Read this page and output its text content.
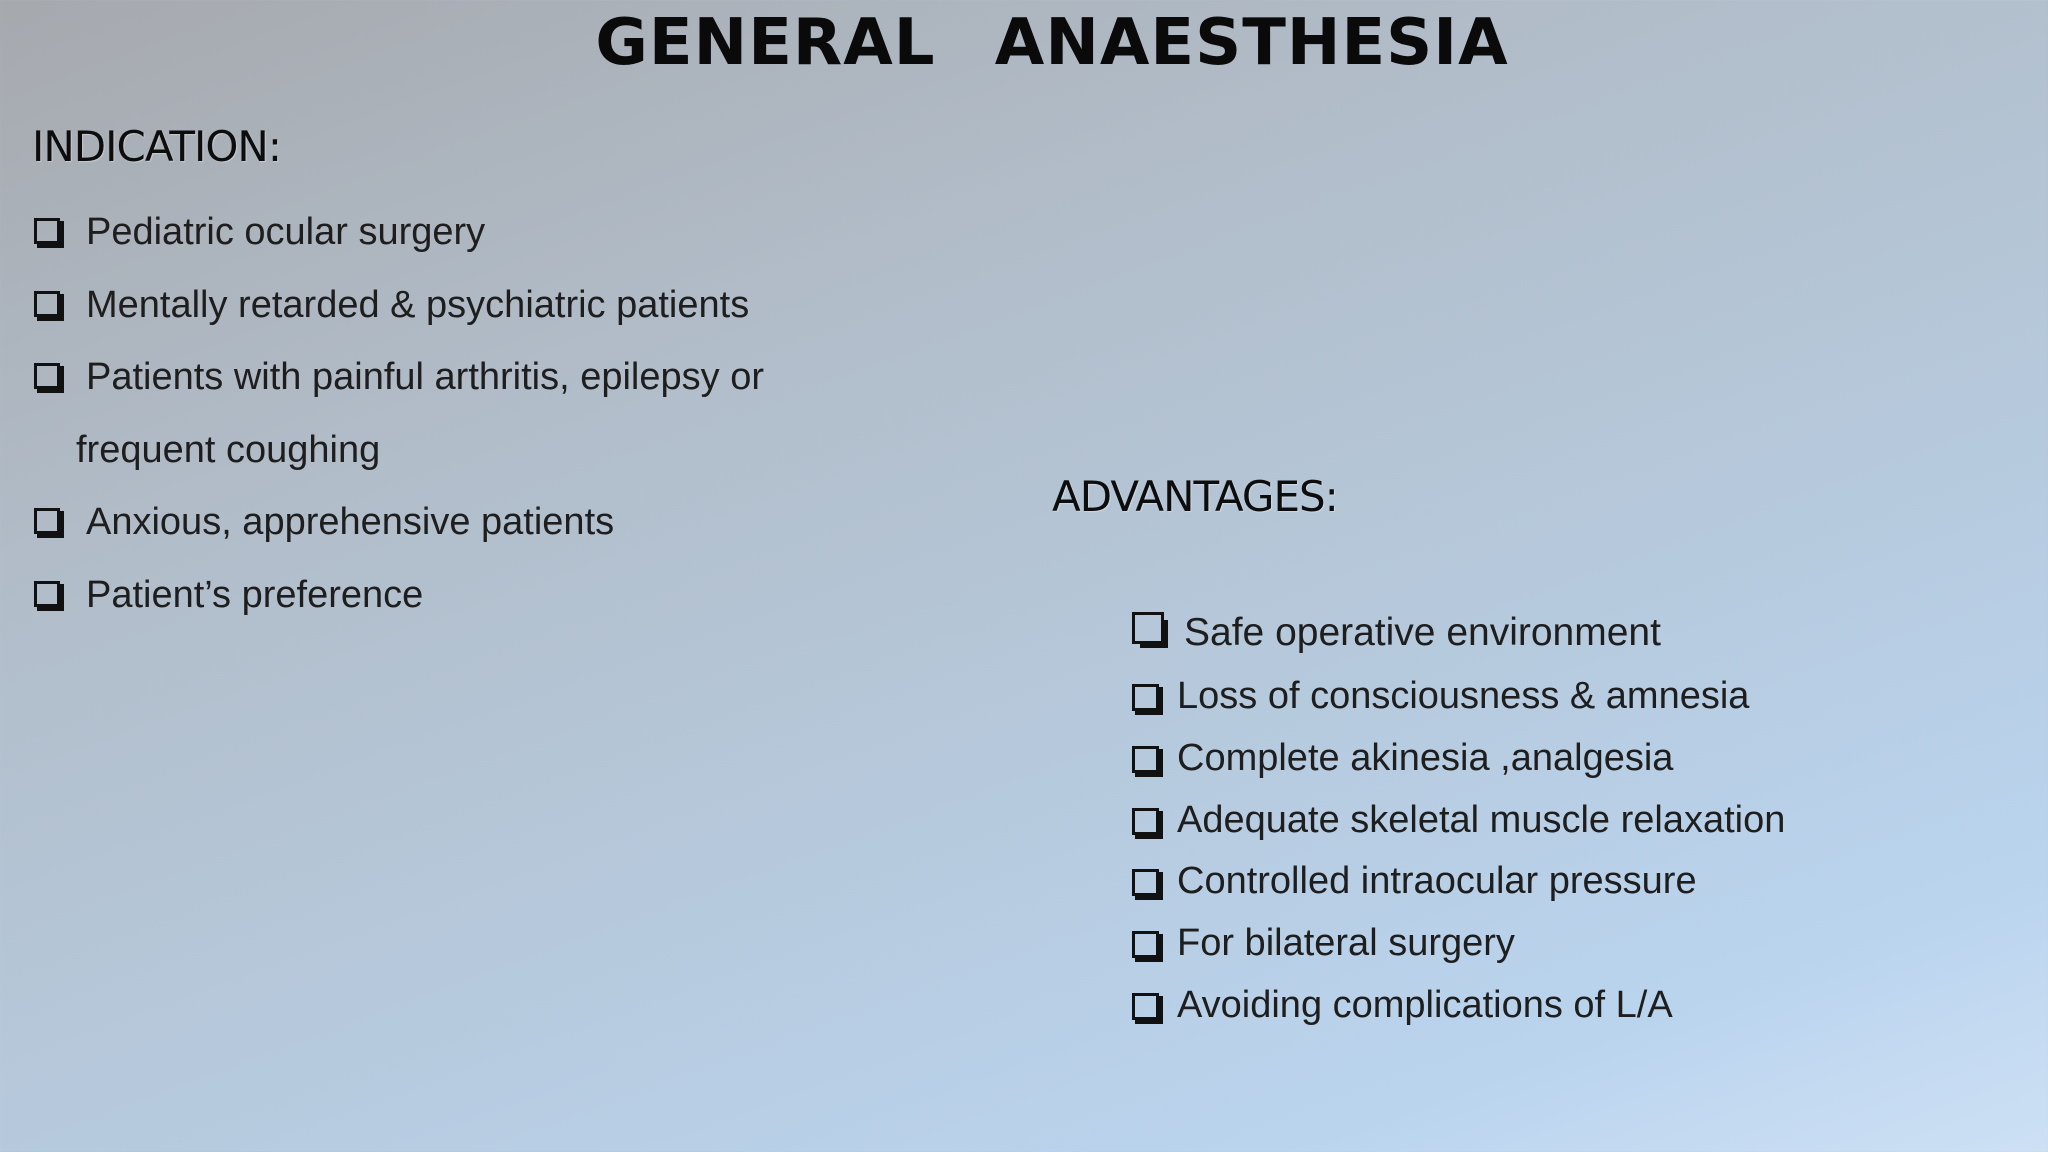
GENERAL ANAESTHESIA
INDICATION:
Pediatric ocular surgery
Mentally retarded & psychiatric patients
Patients with painful arthritis, epilepsy or
frequent coughing
Anxious, apprehensive patients
Patient’s preference
ADVANTAGES:
Safe operative environment
Loss of consciousness & amnesia
Complete akinesia ,analgesia
Adequate skeletal muscle relaxation
Controlled intraocular pressure
For bilateral surgery
Avoiding complications of L/A
